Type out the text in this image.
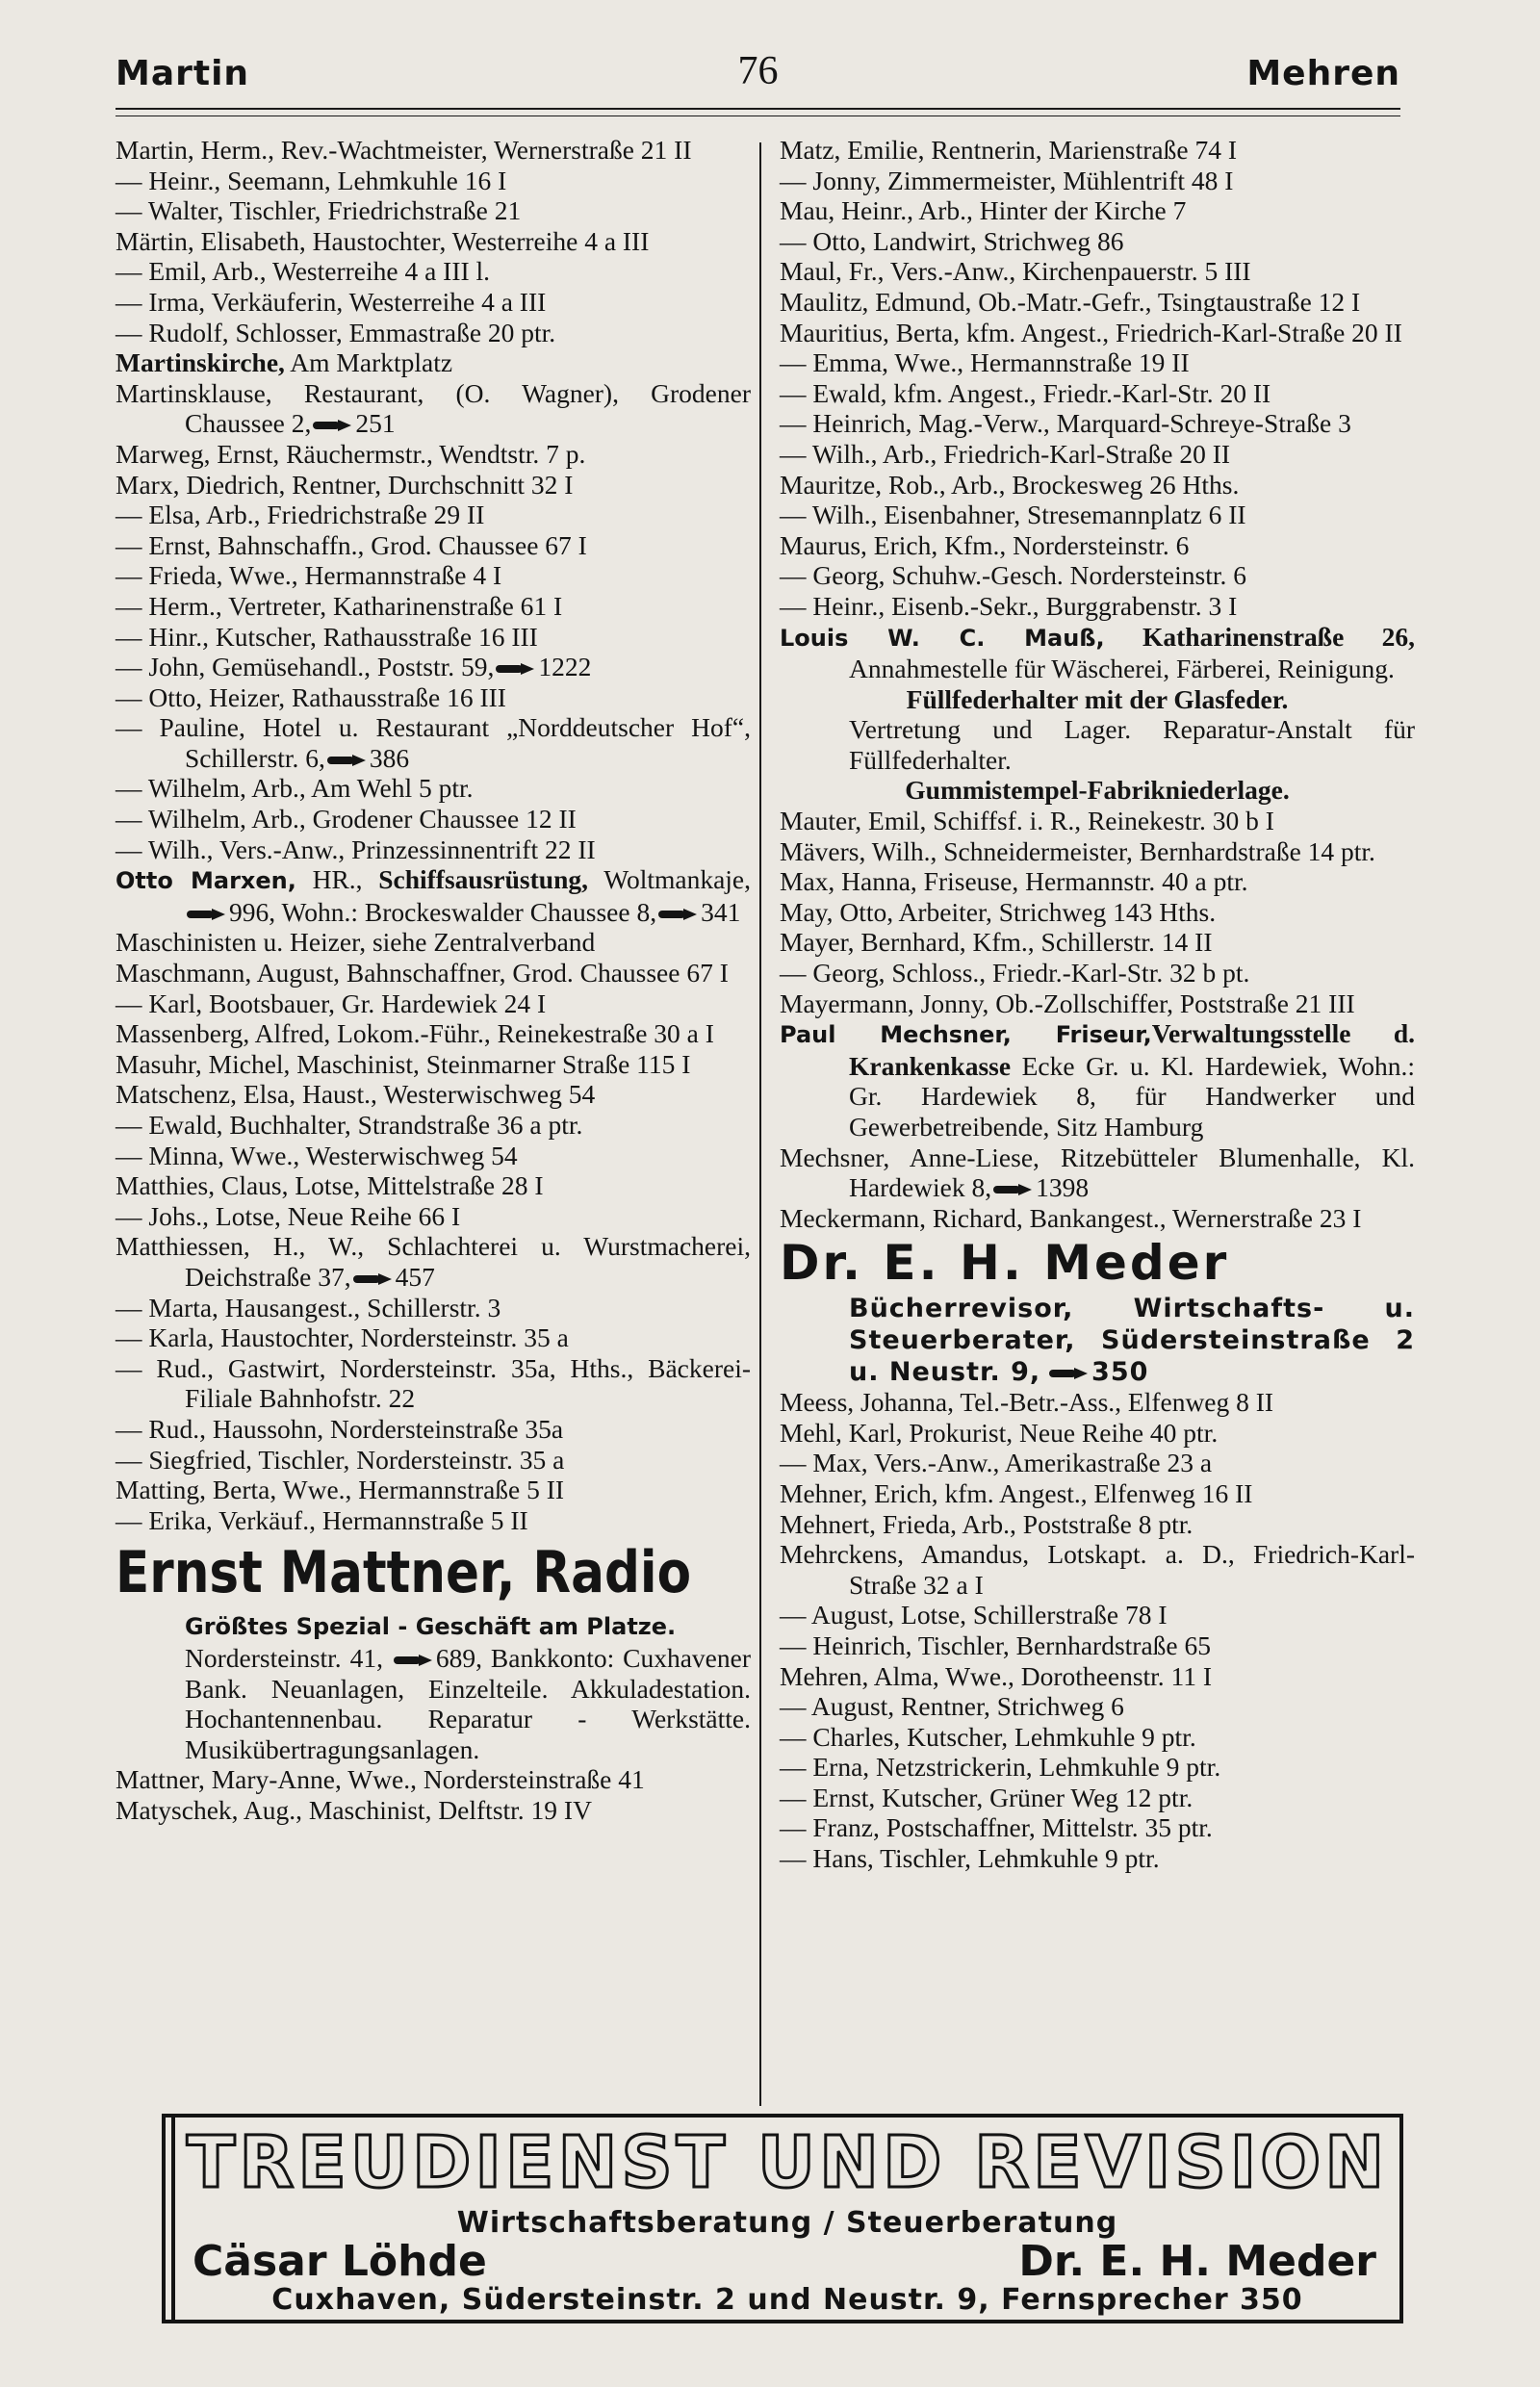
Martin	76	Mehren
Martin, Herm., Rev.-Wachtmeister, Wernerstraße 21 II
— Heinr., Seemann, Lehmkuhle 16 I
— Walter, Tischler, Friedrichstraße 21
Märtin, Elisabeth, Haustochter, Westerreihe 4 a III
— Emil, Arb., Westerreihe 4 a III l.
— Irma, Verkäuferin, Westerreihe 4 a III
— Rudolf, Schlosser, Emmastraße 20 ptr.
Martinskirche, Am Marktplatz
Martinsklause, Restaurant, (O. Wagner), Grodener Chaussee 2, 251
Marweg, Ernst, Räuchermstr., Wendtstr. 7 p.
Marx, Diedrich, Rentner, Durchschnitt 32 I
— Elsa, Arb., Friedrichstraße 29 II
— Ernst, Bahnschaffn., Grod. Chaussee 67 I
— Frieda, Wwe., Hermannstraße 4 I
— Herm., Vertreter, Katharinenstraße 61 I
— Hinr., Kutscher, Rathausstraße 16 III
— John, Gemüsehandl., Poststr. 59, 1222
— Otto, Heizer, Rathausstraße 16 III
— Pauline, Hotel u. Restaurant „Norddeutscher Hof“, Schillerstr. 6, 386
— Wilhelm, Arb., Am Wehl 5 ptr.
— Wilhelm, Arb., Grodener Chaussee 12 II
— Wilh., Vers.-Anw., Prinzessinnentrift 22 II
Otto Marxen, HR., Schiffsausrüstung, Woltmankaje,996, Wohn.: Brockeswalder Chaussee 8, 341
Maschinisten u. Heizer, siehe Zentralverband
Maschmann, August, Bahnschaffner, Grod. Chaussee 67 I
— Karl, Bootsbauer, Gr. Hardewiek 24 I
Massenberg, Alfred, Lokom.-Führ., Reinekestraße 30 a I
Masuhr, Michel, Maschinist, Steinmarner Straße 115 I
Matschenz, Elsa, Haust., Westerwischweg 54
— Ewald, Buchhalter, Strandstraße 36 a ptr.
— Minna, Wwe., Westerwischweg 54
Matthies, Claus, Lotse, Mittelstraße 28 I
— Johs., Lotse, Neue Reihe 66 I
Matthiessen, H., W., Schlachterei u. Wurstmacherei, Deichstraße 37, 457
— Marta, Hausangest., Schillerstr. 3
— Karla, Haustochter, Nordersteinstr. 35 a
— Rud., Gastwirt, Nordersteinstr. 35a, Hths., Bäckerei-Filiale Bahnhofstr. 22
— Rud., Haussohn, Nordersteinstraße 35a
— Siegfried, Tischler, Nordersteinstr. 35 a
Matting, Berta, Wwe., Hermannstraße 5 II
— Erika, Verkäuf., Hermannstraße 5 II
Ernst Mattner, Radio
Größtes Spezial - Geschäft am Platze.
Nordersteinstr. 41, 689, Bankkonto: Cuxhavener Bank. Neuanlagen, Einzelteile. Akkuladestation. Hochantennenbau. Reparatur - Werkstätte. Musikübertragungsanlagen.
Mattner, Mary-Anne, Wwe., Nordersteinstraße 41
Matyschek, Aug., Maschinist, Delftstr. 19 IV
Matz, Emilie, Rentnerin, Marienstraße 74 I
— Jonny, Zimmermeister, Mühlentrift 48 I
Mau, Heinr., Arb., Hinter der Kirche 7
— Otto, Landwirt, Strichweg 86
Maul, Fr., Vers.-Anw., Kirchenpauerstr. 5 III
Maulitz, Edmund, Ob.-Matr.-Gefr., Tsingtaustraße 12 I
Mauritius, Berta, kfm. Angest., Friedrich-Karl-Straße 20 II
— Emma, Wwe., Hermannstraße 19 II
— Ewald, kfm. Angest., Friedr.-Karl-Str. 20 II
— Heinrich, Mag.-Verw., Marquard-Schreye-Straße 3
— Wilh., Arb., Friedrich-Karl-Straße 20 II
Mauritze, Rob., Arb., Brockesweg 26 Hths.
— Wilh., Eisenbahner, Stresemannplatz 6 II
Maurus, Erich, Kfm., Nordersteinstr. 6
— Georg, Schuhw.-Gesch. Nordersteinstr. 6
— Heinr., Eisenb.-Sekr., Burggrabenstr. 3 I
Louis W. C. Mauß, Katharinenstraße 26, Annahmestelle für Wäscherei, Färberei, Reinigung.
Füllfederhalter mit der Glasfeder.
Vertretung und Lager. Reparatur-Anstalt für Füllfederhalter.
Gummistempel-Fabrikniederlage.
Mauter, Emil, Schiffsf. i. R., Reinekestr. 30 b I
Mävers, Wilh., Schneidermeister, Bernhardstraße 14 ptr.
Max, Hanna, Friseuse, Hermannstr. 40 a ptr.
May, Otto, Arbeiter, Strichweg 143 Hths.
Mayer, Bernhard, Kfm., Schillerstr. 14 II
— Georg, Schloss., Friedr.-Karl-Str. 32 b pt.
Mayermann, Jonny, Ob.-Zollschiffer, Poststraße 21 III
Paul Mechsner, Friseur,Verwaltungsstelle d. Krankenkasse Ecke Gr. u. Kl. Hardewiek, Wohn.: Gr. Hardewiek 8, für Handwerker und Gewerbetreibende, Sitz Hamburg
Mechsner, Anne-Liese, Ritzebütteler Blumenhalle, Kl. Hardewiek 8, 1398
Meckermann, Richard, Bankangest., Wernerstraße 23 I
Dr. E. H. Meder
Bücherrevisor, Wirtschafts- u. Steuerberater, Südersteinstraße 2 u. Neustr. 9, 350
Meess, Johanna, Tel.-Betr.-Ass., Elfenweg 8 II
Mehl, Karl, Prokurist, Neue Reihe 40 ptr.
— Max, Vers.-Anw., Amerikastraße 23 a
Mehner, Erich, kfm. Angest., Elfenweg 16 II
Mehnert, Frieda, Arb., Poststraße 8 ptr.
Mehrckens, Amandus, Lotskapt. a. D., Friedrich-Karl-Straße 32 a I
— August, Lotse, Schillerstraße 78 I
— Heinrich, Tischler, Bernhardstraße 65
Mehren, Alma, Wwe., Dorotheenstr. 11 I
— August, Rentner, Strichweg 6
— Charles, Kutscher, Lehmkuhle 9 ptr.
— Erna, Netzstrickerin, Lehmkuhle 9 ptr.
— Ernst, Kutscher, Grüner Weg 12 ptr.
— Franz, Postschaffner, Mittelstr. 35 ptr.
— Hans, Tischler, Lehmkuhle 9 ptr.
TREUDIENST UND REVISION
Wirtschaftsberatung / Steuerberatung
Cäsar Löhde	Dr. E. H. Meder
Cuxhaven, Südersteinstr. 2 und Neustr. 9, Fernsprecher 350
